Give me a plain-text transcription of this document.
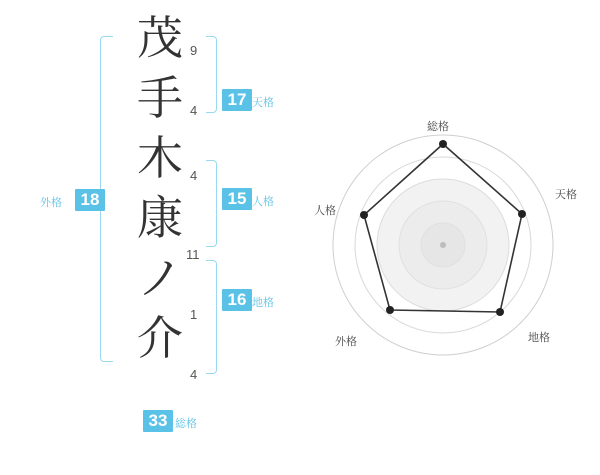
茂
手
木
康
ノ
介
9
4
4
11
1
4
17 天格
15 人格
16 地格
18
外格
33 総格
総格
天格
地格
外格
人格
